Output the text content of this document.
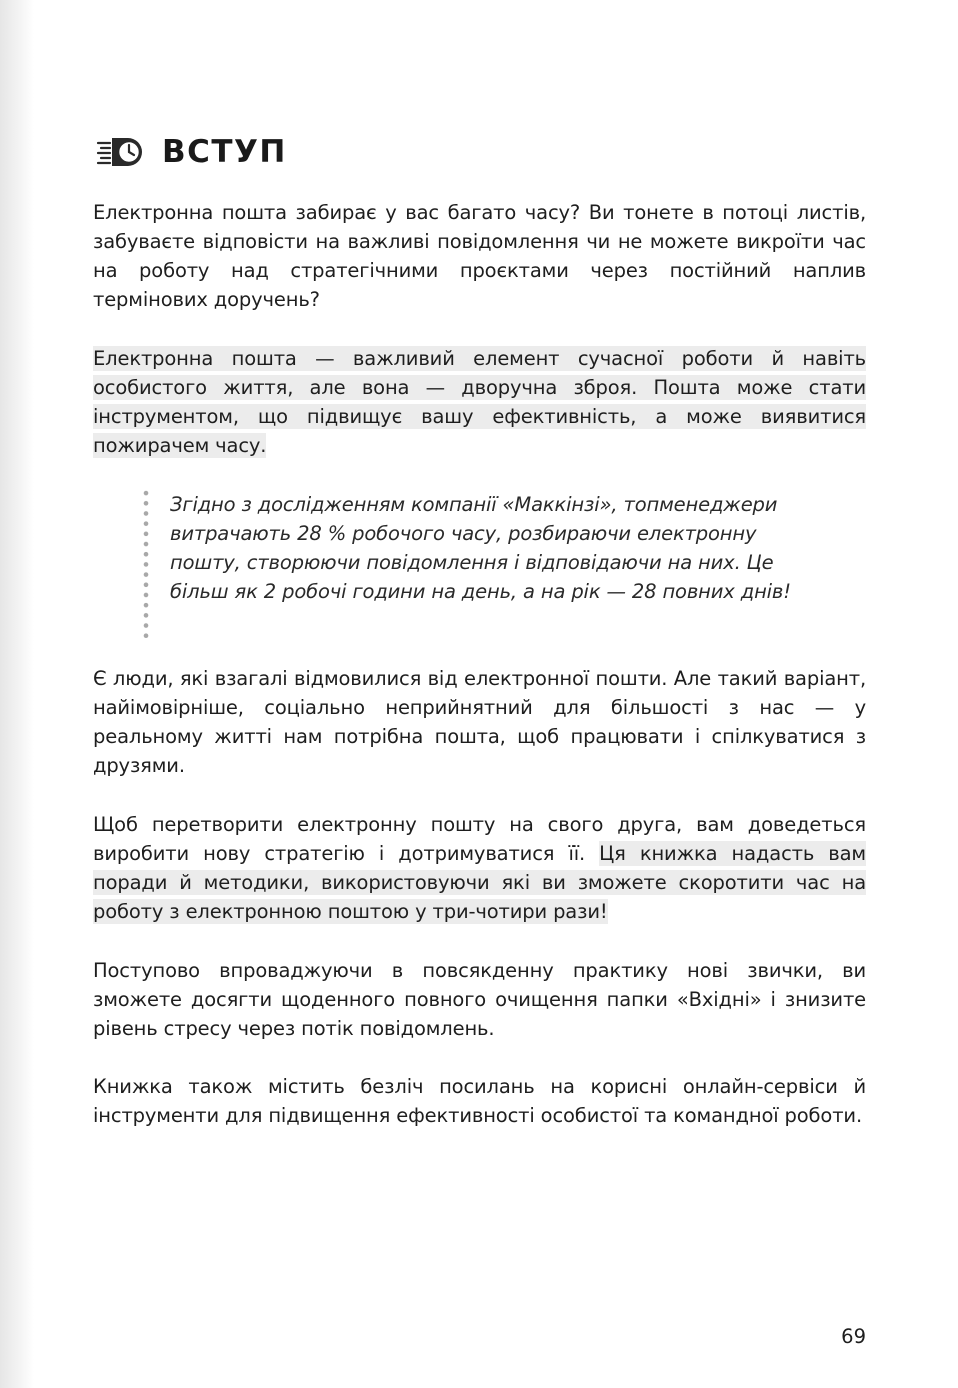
ВСТУП

Електронна пошта забирає у вас багато часу? Ви тонете в потоці листів, забуваєте відповісти на важливі повідомлення чи не можете викроїти час на роботу над стратегічними проєктами через постійний наплив термінових доручень?

Електронна пошта — важливий елемент сучасної роботи й навіть особистого життя, але вона — дворучна зброя. Пошта може стати інструментом, що підвищує вашу ефективність, а може виявитися пожирачем часу.

Згідно з дослідженням компанії «Маккінзі», топменеджери витрачають 28 % робочого часу, розбираючи електронну пошту, створюючи повідомлення і відповідаючи на них. Це більш як 2 робочі години на день, а на рік — 28 повних днів!

Є люди, які взагалі відмовилися від електронної пошти. Але такий варіант, найімовірніше, соціально неприйнятний для більшості з нас — у реальному житті нам потрібна пошта, щоб працювати і спілкуватися з друзями.

Щоб перетворити електронну пошту на свого друга, вам доведеться виробити нову стратегію і дотримуватися її. Ця книжка надасть вам поради й методики, використовуючи які ви зможете скоротити час на роботу з електронною поштою у три-чотири рази!

Поступово впроваджуючи в повсякденну практику нові звички, ви зможете досягти щоденного повного очищення папки «Вхідні» і знизите рівень стресу через потік повідомлень.

Книжка також містить безліч посилань на корисні онлайн-сервіси й інструменти для підвищення ефективності особистої та командної роботи.

69
